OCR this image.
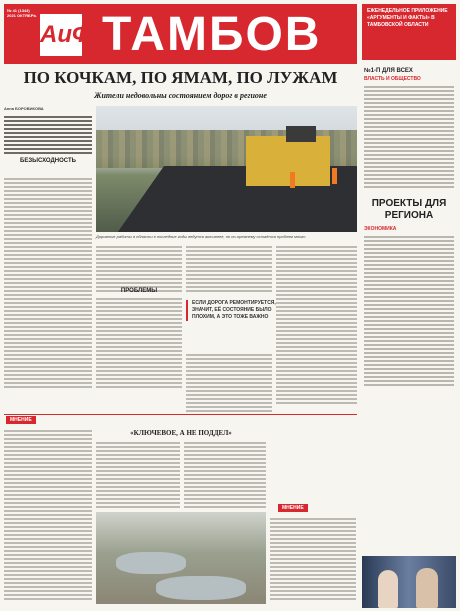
№ 41 (1343) 2021 ОКТЯБРЬ
АиФ ТАМБОВ	ЕЖЕНЕДЕЛЬНОЕ ПРИЛОЖЕНИЕ «АРГУМЕНТЫ И ФАКТЫ» В ТАМБОВСКОЙ ОБЛАСТИ
№1-П ДЛЯ ВСЕХ
ВЛАСТЬ И ОБЩЕСТВО
ПРОЕКТЫ ДЛЯ РЕГИОНА
ЭКОНОМИКА
ПО КОЧКАМ, ПО ЯМАМ, ПО ЛУЖАМ
Жители недовольны состоянием дорог в регионе
Анна БОРОВИКОВА
БЕЗЫСХОДНОСТЬ
Дорожные работы в области в последние годы ведутся активнее, но по-прежнему остаётся проблем много
ПРОБЛЕМЫ
ЕСЛИ ДОРОГА РЕМОНТИРУЕТСЯ, ЗНАЧИТ, ЕЁ СОСТОЯНИЕ БЫЛО ПЛОХИМ, А ЭТО ТОЖЕ ВАЖНО
МНЕНИЕ
«КЛЮЧЕВОЕ, А НЕ ПОДДЕЛ»
МНЕНИЕ
